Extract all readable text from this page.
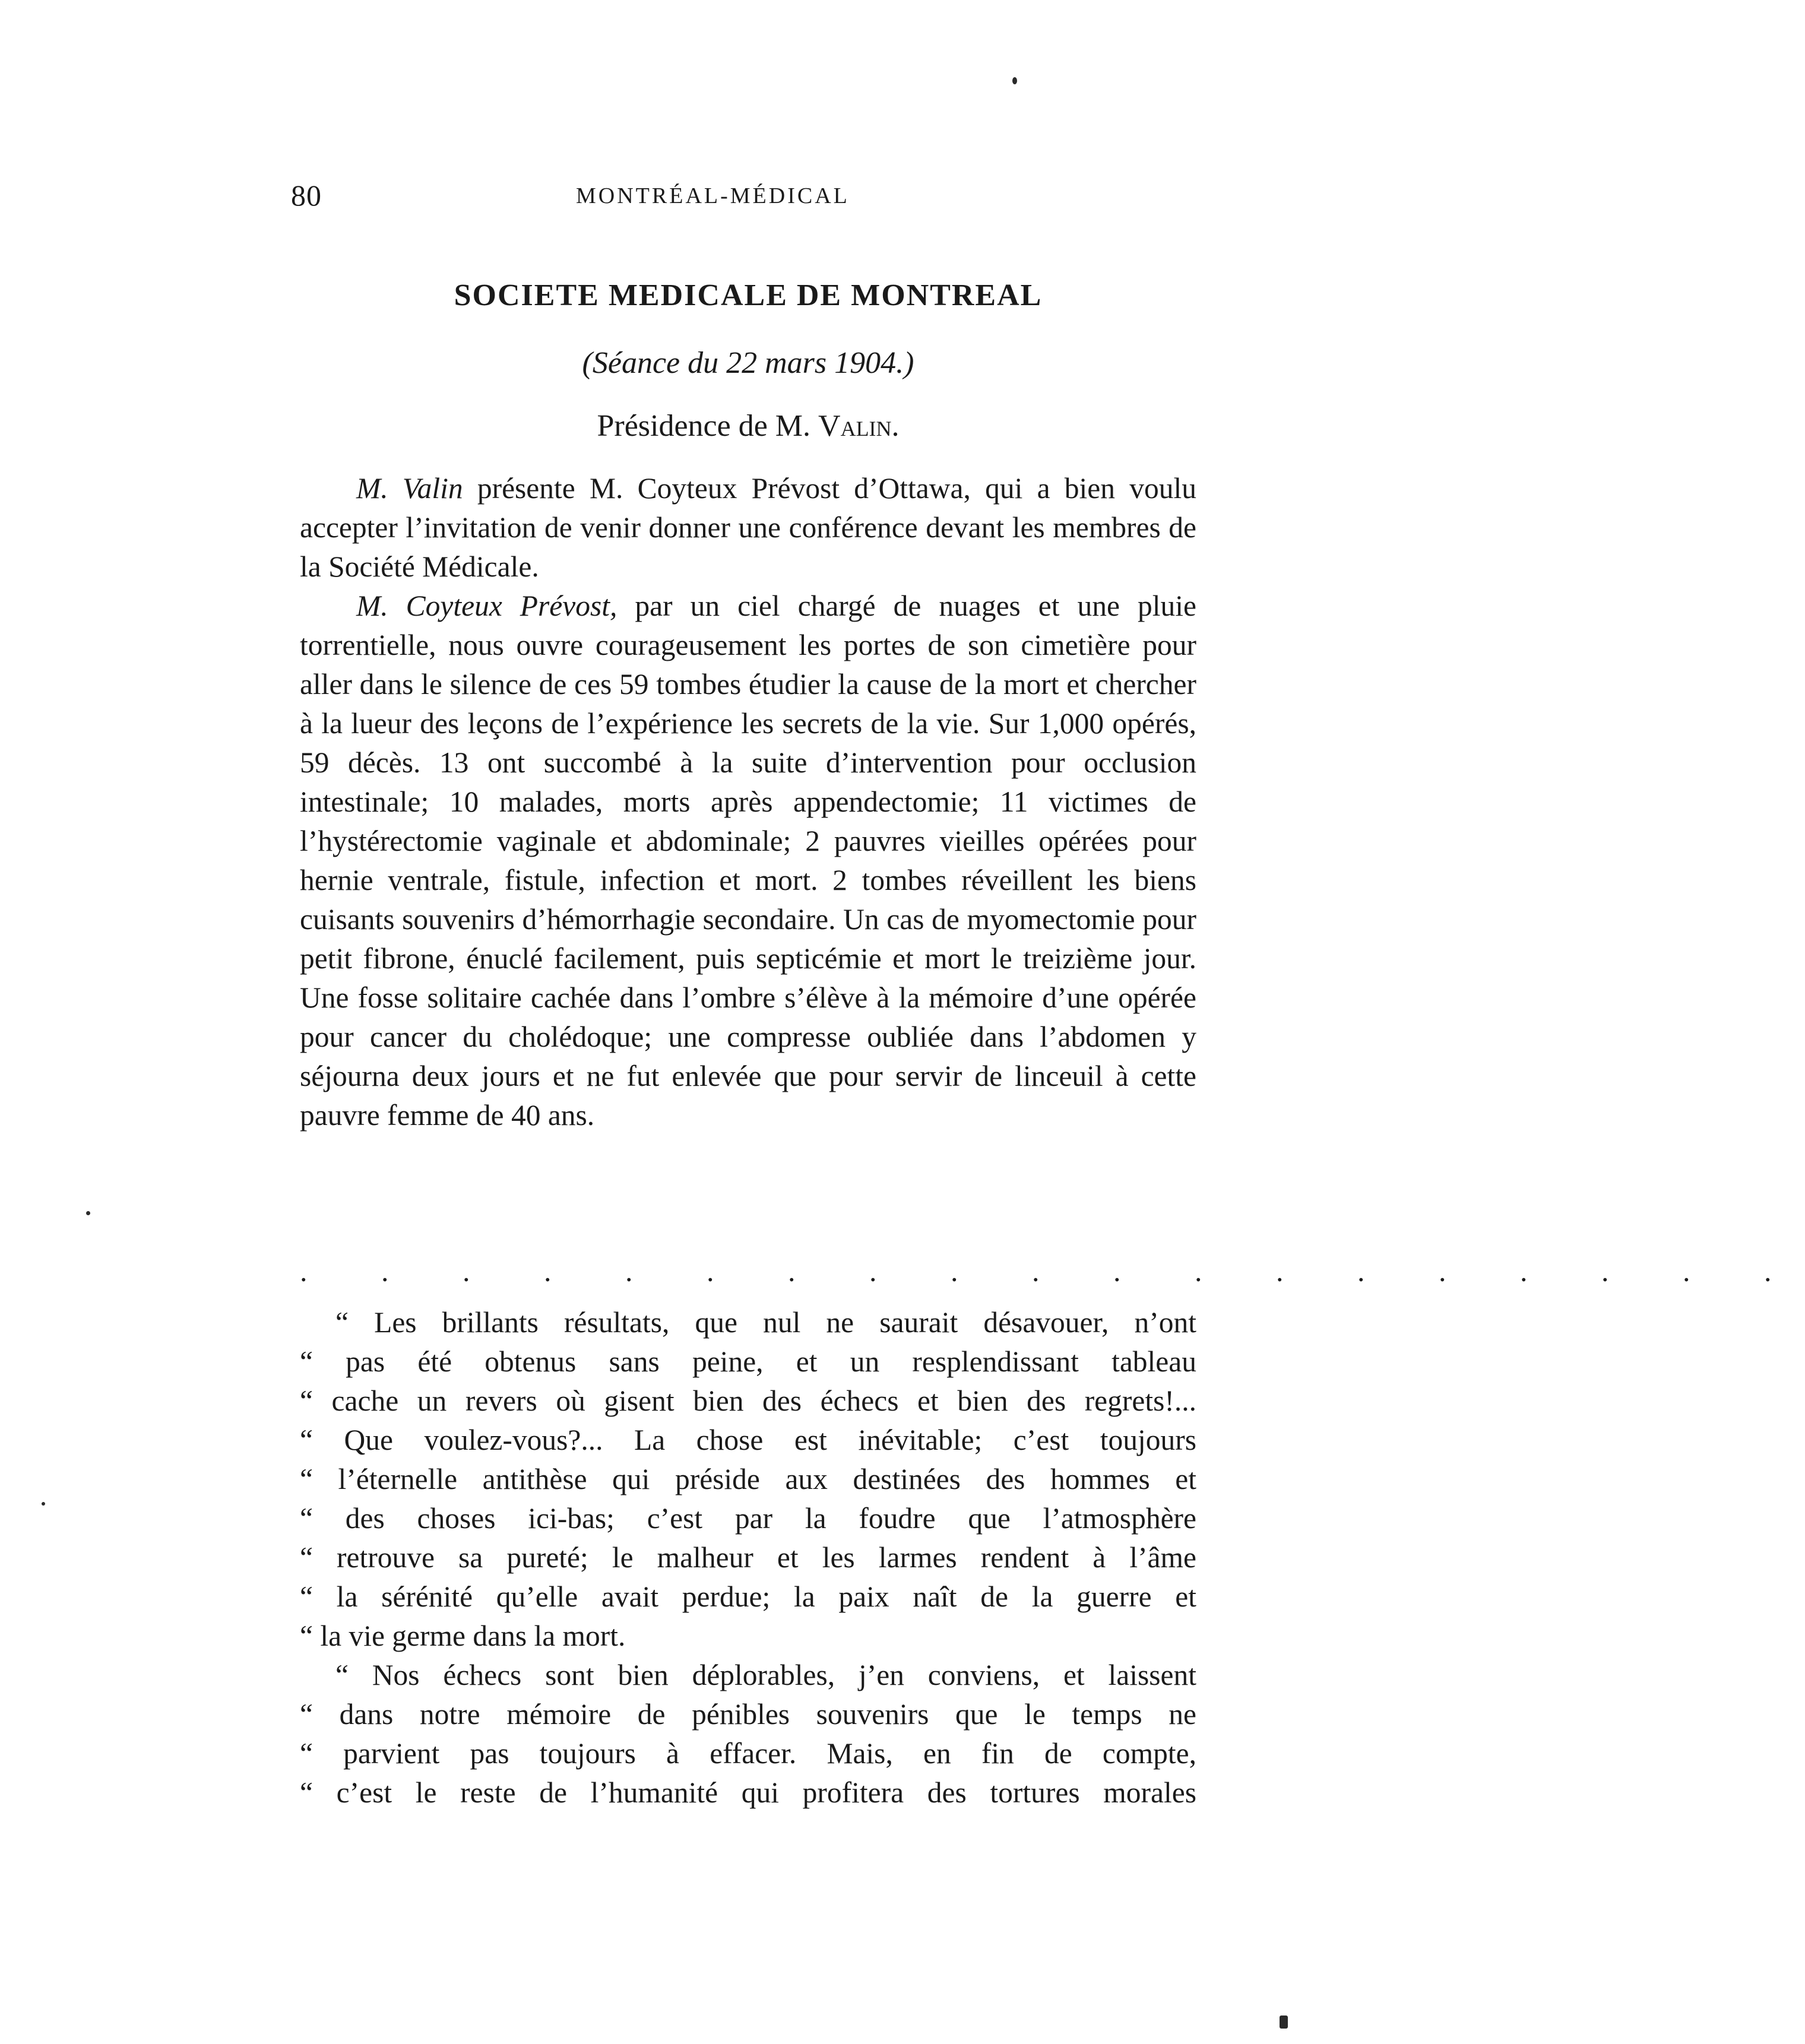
80	MONTRÉAL-MÉDICAL
SOCIETE MEDICALE DE MONTREAL
(Séance du 22 mars 1904.)
Présidence de M. Valin.

M. Valin présente M. Coyteux Prévost d’Ottawa, qui a bien voulu accepter l’invitation de venir donner une conférence devant les membres de la Société Médicale.

M. Coyteux Prévost, par un ciel chargé de nuages et une pluie torrentielle, nous ouvre courageusement les portes de son cimetière pour aller dans le silence de ces 59 tombes étudier la cause de la mort et chercher à la lueur des leçons de l’expérience les secrets de la vie. Sur 1,000 opérés, 59 décès. 13 ont succombé à la suite d’intervention pour occlusion intestinale; 10 malades, morts après appendectomie; 11 victimes de l’hystérectomie vaginale et abdominale; 2 pauvres vieilles opérées pour hernie ventrale, fistule, infection et mort. 2 tombes réveillent les biens cuisants souvenirs d’hémorrhagie secondaire. Un cas de myomectomie pour petit fibrone, énuclé facilement, puis septicémie et mort le treizième jour. Une fosse solitaire cachée dans l’ombre s’élève à la mémoire d’une opérée pour cancer du cholédoque; une compresse oubliée dans l’abdomen y séjourna deux jours et ne fut enlevée que pour servir de linceuil à cette pauvre femme de 40 ans.

. . . . . . . . . . . . . . . . . . .
“ Les brillants résultats, que nul ne saurait désavouer, n’ont
“ pas été obtenus sans peine, et un resplendissant tableau
“ cache un revers où gisent bien des échecs et bien des regrets!...
“ Que voulez-vous?... La chose est inévitable; c’est toujours
“ l’éternelle antithèse qui préside aux destinées des hommes et
“ des choses ici-bas; c’est par la foudre que l’atmosphère
“ retrouve sa pureté; le malheur et les larmes rendent à l’âme
“ la sérénité qu’elle avait perdue; la paix naît de la guerre et
“ la vie germe dans la mort.
“ Nos échecs sont bien déplorables, j’en conviens, et laissent
“ dans notre mémoire de pénibles souvenirs que le temps ne
“ parvient pas toujours à effacer. Mais, en fin de compte,
“ c’est le reste de l’humanité qui profitera des tortures morales
